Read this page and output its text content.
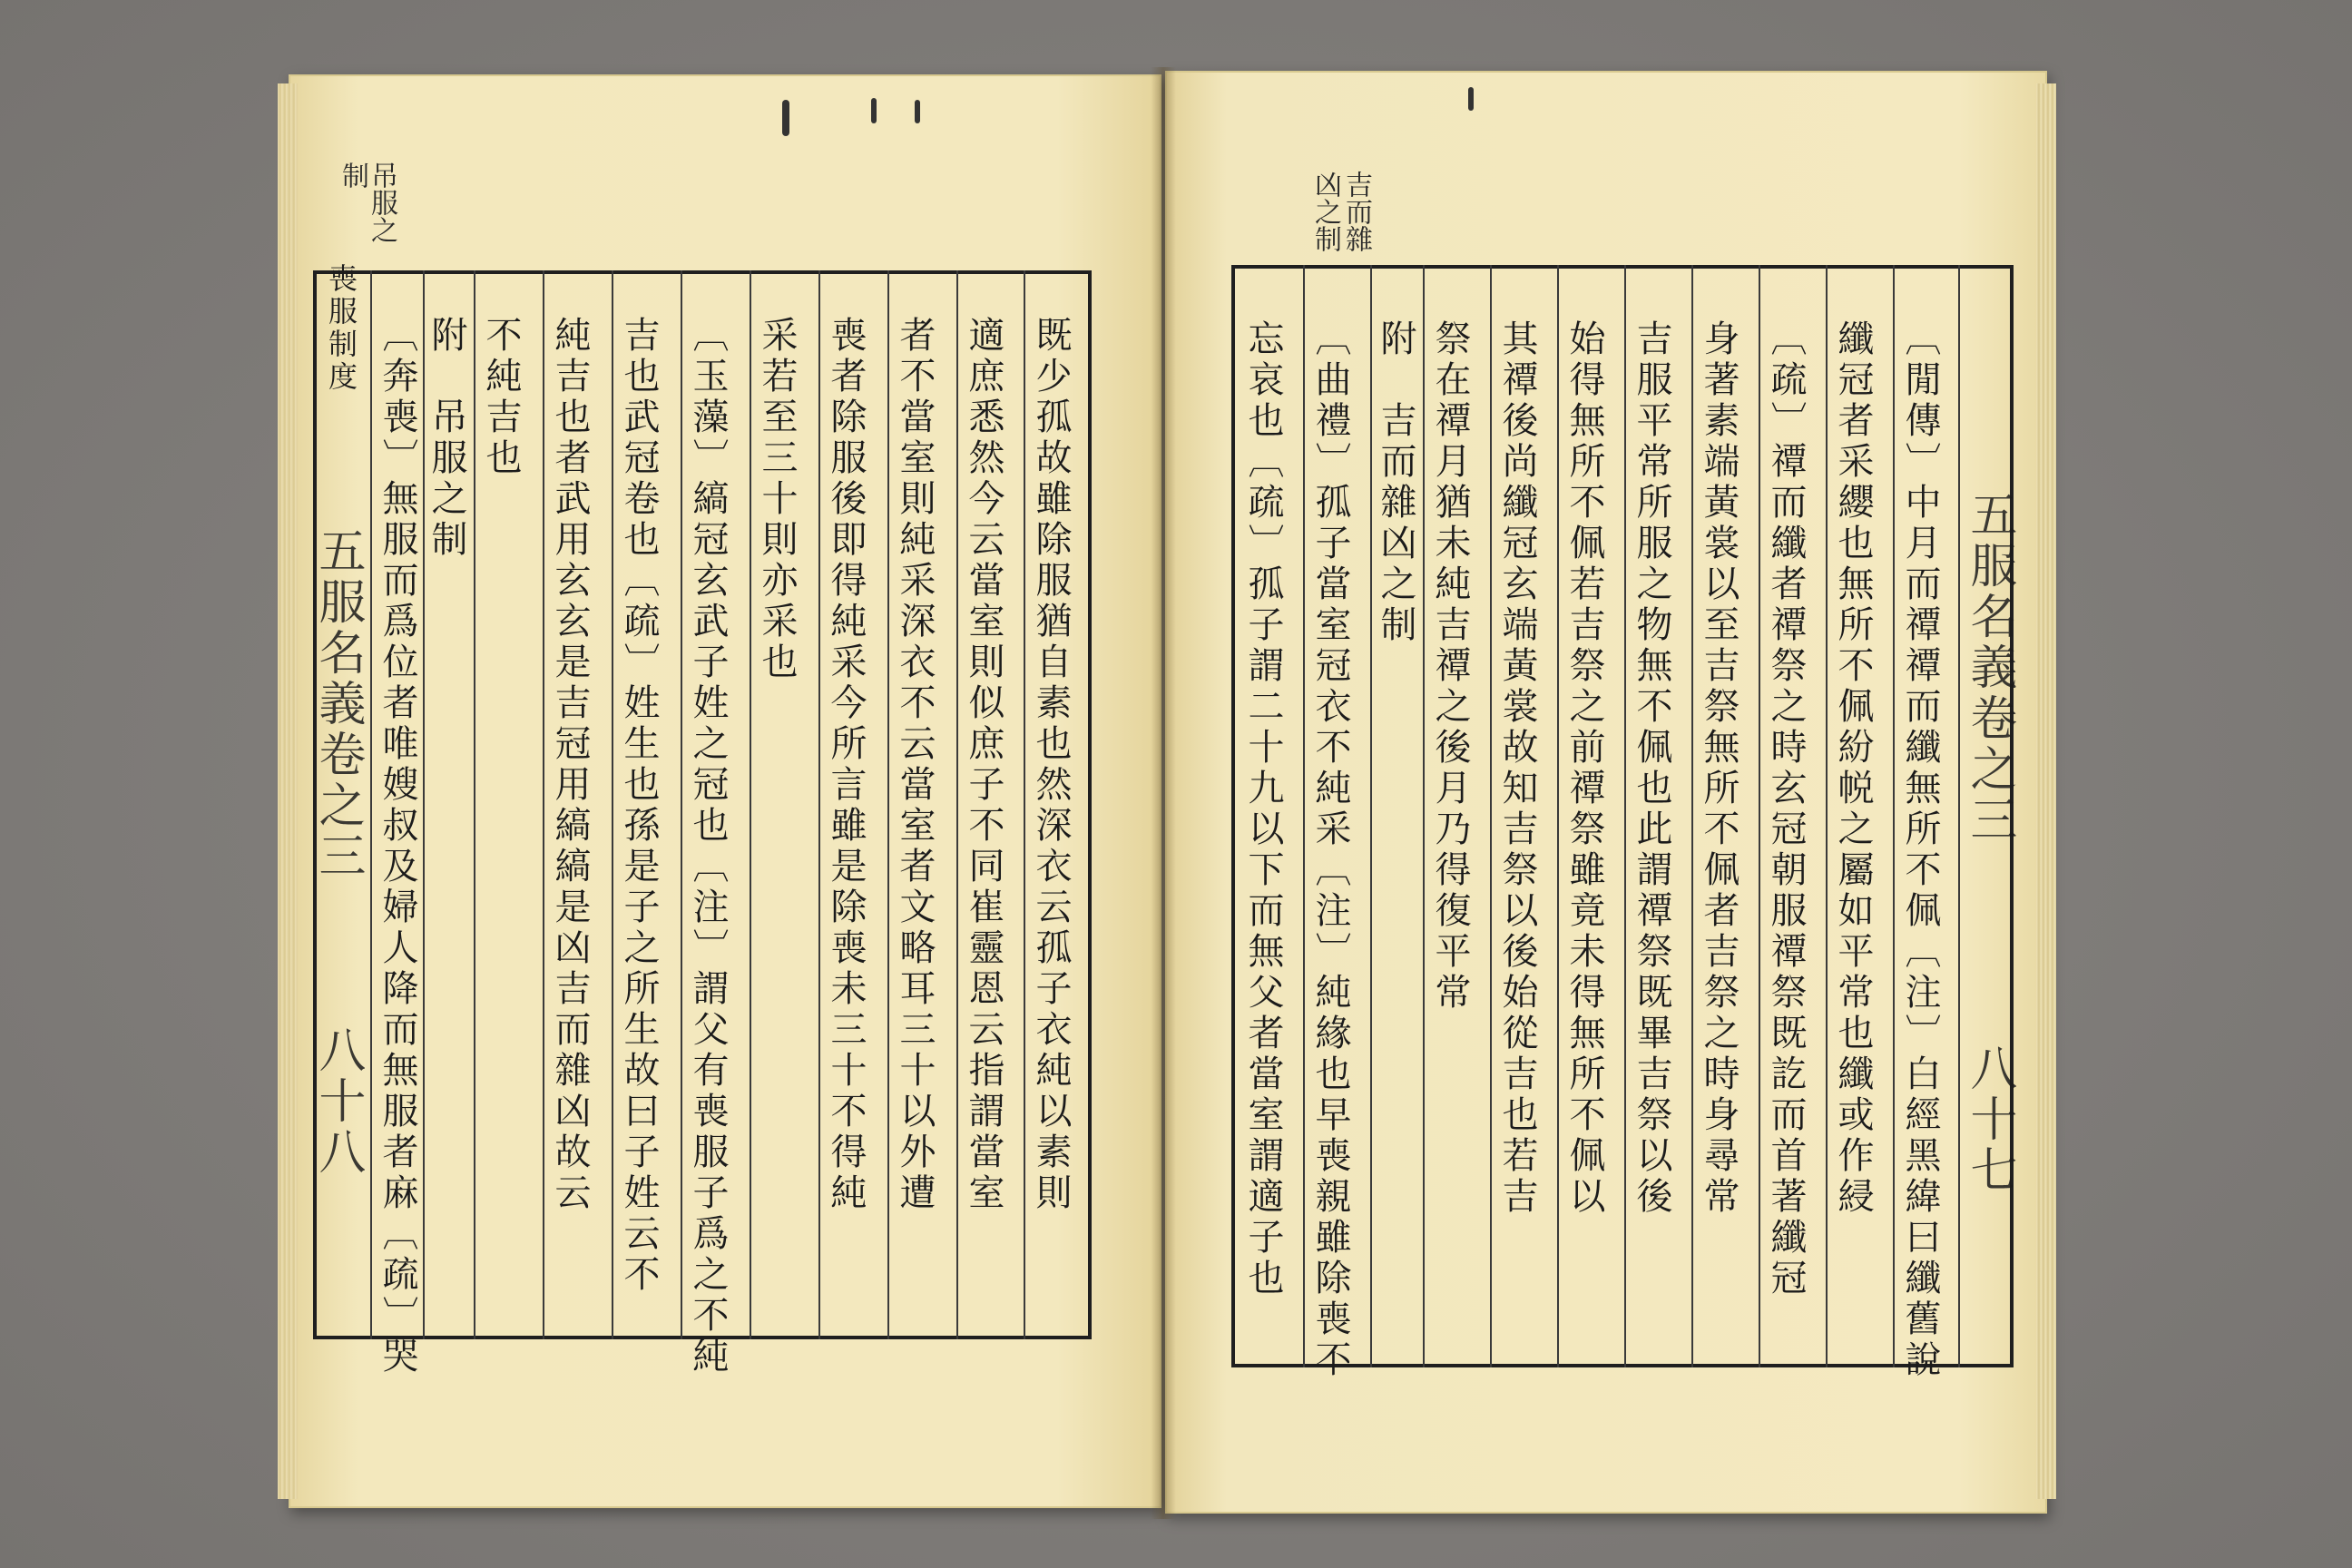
吊服之
制
喪服制度
五服名義卷之三
八十八	既少孤故雖除服猶自素也然深衣云孤子衣純以素則
適庶悉然今云當室則似庶子不同崔靈恩云指謂當室
者不當室則純采深衣不云當室者文略耳三十以外遭
喪者除服後即得純采今所言雖是除喪未三十不得純
采若至三十則亦采也
〔玉藻〕縞冠玄武子姓之冠也〔注〕謂父有喪服子爲之不純
吉也武冠卷也〔疏〕姓生也孫是子之所生故曰子姓云不
純吉也者武用玄玄是吉冠用縞縞是凶吉而雜凶故云
不純吉也
附　吊服之制
〔奔喪〕無服而爲位者唯嫂叔及婦人降而無服者麻〔疏〕哭
吉而雜
凶之制
五服名義卷之三
八十七
〔閒傳〕中月而禫禫而纖無所不佩〔注〕白經黑緯曰纖舊說
纖冠者采纓也無所不佩紛帨之屬如平常也纖或作綅
〔疏〕禫而纖者禫祭之時玄冠朝服禫祭既訖而首著纖冠
身著素端黃裳以至吉祭無所不佩者吉祭之時身尋常
吉服平常所服之物無不佩也此謂禫祭既畢吉祭以後
始得無所不佩若吉祭之前禫祭雖竟未得無所不佩以
其禫後尚纖冠玄端黃裳故知吉祭以後始從吉也若吉
祭在禫月猶未純吉禫之後月乃得復平常
附　吉而雜凶之制
〔曲禮〕孤子當室冠衣不純采〔注〕純緣也早喪親雖除喪不
忘哀也〔疏〕孤子謂二十九以下而無父者當室謂適子也
